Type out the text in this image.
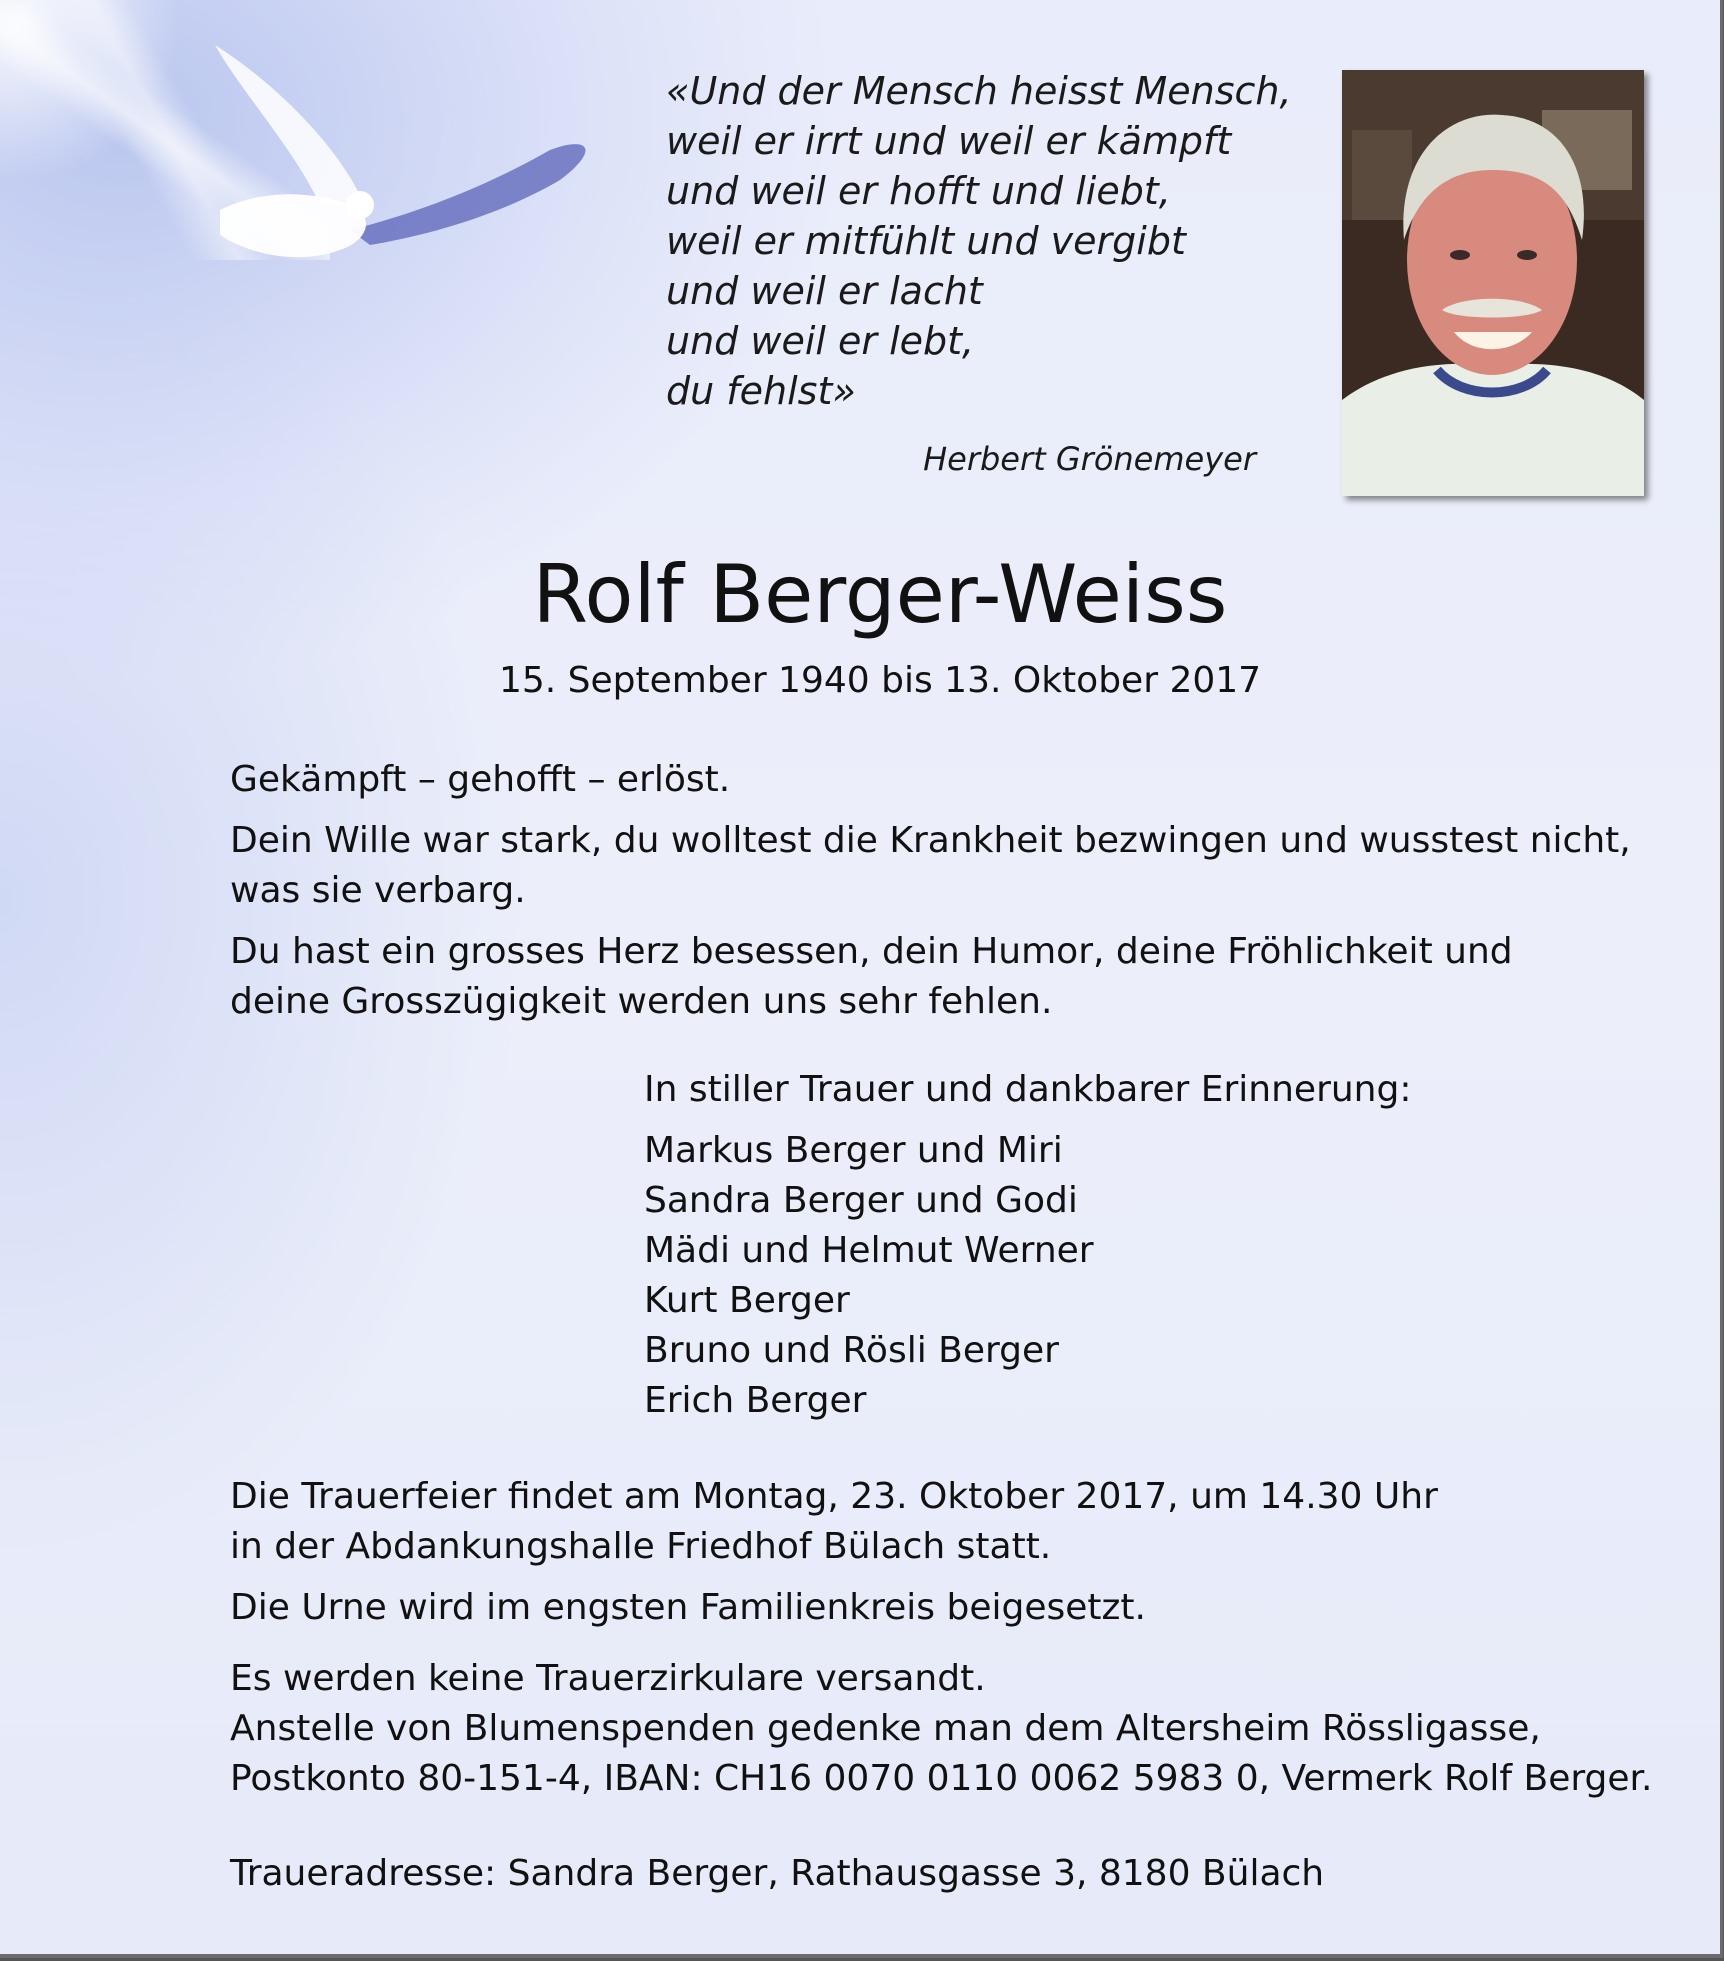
«Und der Mensch heisst Mensch,
weil er irrt und weil er kämpft
und weil er hofft und liebt,
weil er mitfühlt und vergibt
und weil er lacht
und weil er lebt,
du fehlst»
Herbert Grönemeyer
Rolf Berger-Weiss
15. September 1940 bis 13. Oktober 2017

Gekämpft – gehofft – erlöst.

Dein Wille war stark, du wolltest die Krankheit bezwingen und wusstest nicht,

was sie verbarg.

Du hast ein grosses Herz besessen, dein Humor, deine Fröhlichkeit und

deine Grosszügigkeit werden uns sehr fehlen.

In stiller Trauer und dankbarer Erinnerung:

Markus Berger und Miri
Sandra Berger und Godi
Mädi und Helmut Werner
Kurt Berger
Bruno und Rösli Berger
Erich Berger

Die Trauerfeier findet am Montag, 23. Oktober 2017, um 14.30 Uhr

in der Abdankungshalle Friedhof Bülach statt.

Die Urne wird im engsten Familienkreis beigesetzt.

Es werden keine Trauerzirkulare versandt.

Anstelle von Blumenspenden gedenke man dem Altersheim Rössligasse,

Postkonto 80-151-4, IBAN: CH16 0070 0110 0062 5983 0, Vermerk Rolf Berger.

Traueradresse: Sandra Berger, Rathausgasse 3, 8180 Bülach
